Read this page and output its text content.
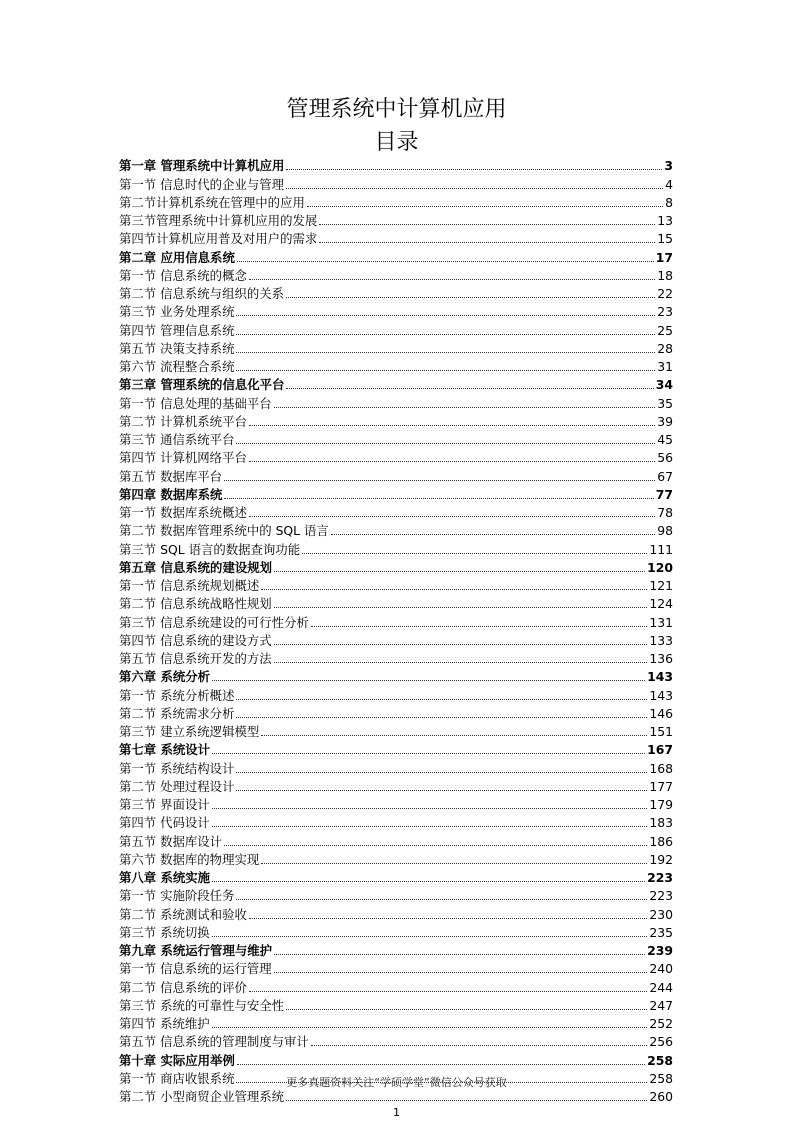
管理系统中计算机应用
目录
第一章 管理系统中计算机应用	3
第一节 信息时代的企业与管理	4
第二节计算机系统在管理中的应用	8
第三节管理系统中计算机应用的发展	13
第四节计算机应用普及对用户的需求	15
第二章 应用信息系统	17
第一节 信息系统的概念	18
第二节 信息系统与组织的关系	22
第三节 业务处理系统	23
第四节 管理信息系统	25
第五节 决策支持系统	28
第六节 流程整合系统	31
第三章 管理系统的信息化平台	34
第一节 信息处理的基础平台	35
第二节 计算机系统平台	39
第三节 通信系统平台	45
第四节 计算机网络平台	56
第五节 数据库平台	67
第四章 数据库系统	77
第一节 数据库系统概述	78
第二节 数据库管理系统中的 SQL 语言	98
第三节 SQL 语言的数据查询功能	111
第五章 信息系统的建设规划	120
第一节 信息系统规划概述	121
第二节 信息系统战略性规划	124
第三节 信息系统建设的可行性分析	131
第四节 信息系统的建设方式	133
第五节 信息系统开发的方法	136
第六章 系统分析	143
第一节 系统分析概述	143
第二节 系统需求分析	146
第三节 建立系统逻辑模型	151
第七章 系统设计	167
第一节 系统结构设计	168
第二节 处理过程设计	177
第三节 界面设计	179
第四节 代码设计	183
第五节 数据库设计	186
第六节 数据库的物理实现	192
第八章 系统实施	223
第一节 实施阶段任务	223
第二节 系统测试和验收	230
第三节 系统切换	235
第九章 系统运行管理与维护	239
第一节 信息系统的运行管理	240
第二节 信息系统的评价	244
第三节 系统的可靠性与安全性	247
第四节 系统维护	252
第五节 信息系统的管理制度与审计	256
第十章 实际应用举例	258
第一节 商店收银系统	258
第二节 小型商贸企业管理系统	260
更多真题资料关注“学硕学堂”微信公众号获取
1
